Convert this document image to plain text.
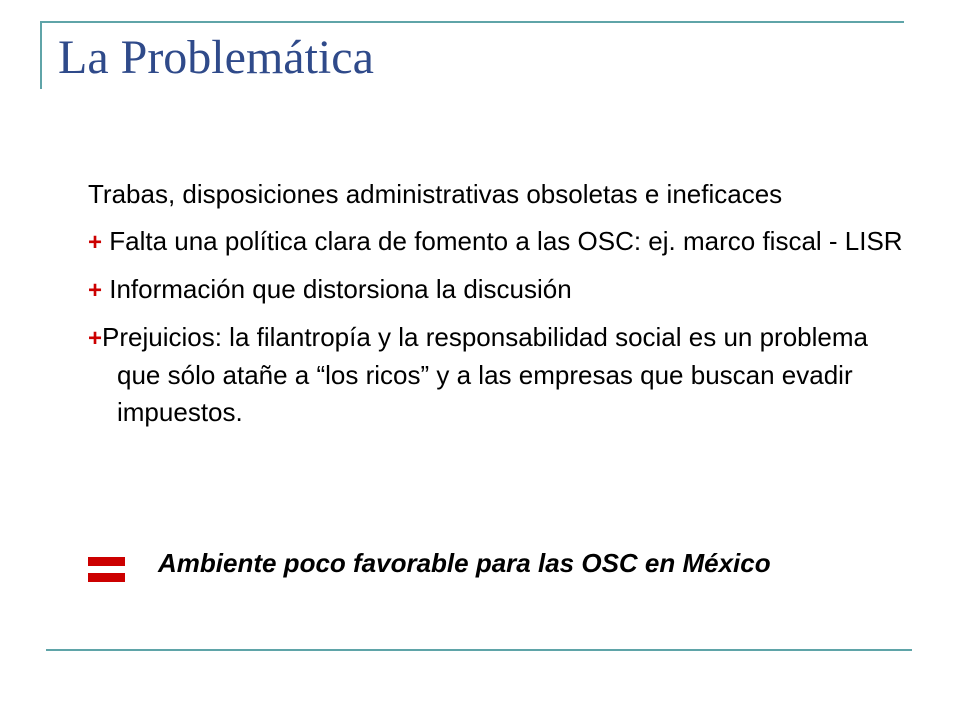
La Problemática

Trabas, disposiciones administrativas obsoletas e ineficaces

+ Falta una política clara de fomento a las OSC: ej. marco fiscal - LISR

+ Información que distorsiona la discusión

+Prejuicios: la filantropía y la responsabilidad social es un problema que sólo atañe a “los ricos” y a las empresas que buscan evadir impuestos.

Ambiente poco favorable para las OSC en México
